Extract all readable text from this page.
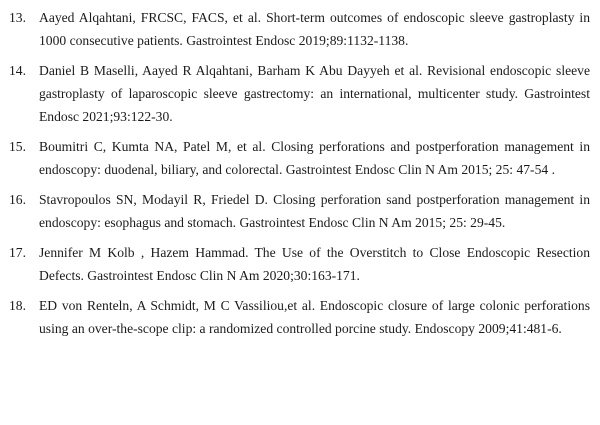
13. Aayed Alqahtani, FRCSC, FACS, et al. Short-term outcomes of endoscopic sleeve gastroplasty in 1000 consecutive patients. Gastrointest Endosc 2019;89:1132-1138.
14. Daniel B Maselli, Aayed R Alqahtani, Barham K Abu Dayyeh et al. Revisional endoscopic sleeve gastroplasty of laparoscopic sleeve gastrectomy: an international, multicenter study. Gastrointest Endosc 2021;93:122-30.
15. Boumitri C, Kumta NA, Patel M, et al. Closing perforations and postperforation management in endoscopy: duodenal, biliary, and colorectal. Gastrointest Endosc Clin N Am 2015; 25: 47-54 .
16. Stavropoulos SN, Modayil R, Friedel D. Closing perforation sand postperforation management in endoscopy: esophagus and stomach. Gastrointest Endosc Clin N Am 2015; 25: 29-45.
17. Jennifer M Kolb , Hazem Hammad. The Use of the Overstitch to Close Endoscopic Resection Defects. Gastrointest Endosc Clin N Am 2020;30:163-171.
18. ED von Renteln, A Schmidt, M C Vassiliou,et al. Endoscopic closure of large colonic perforations using an over-the-scope clip: a randomized controlled porcine study. Endoscopy 2009;41:481-6.
